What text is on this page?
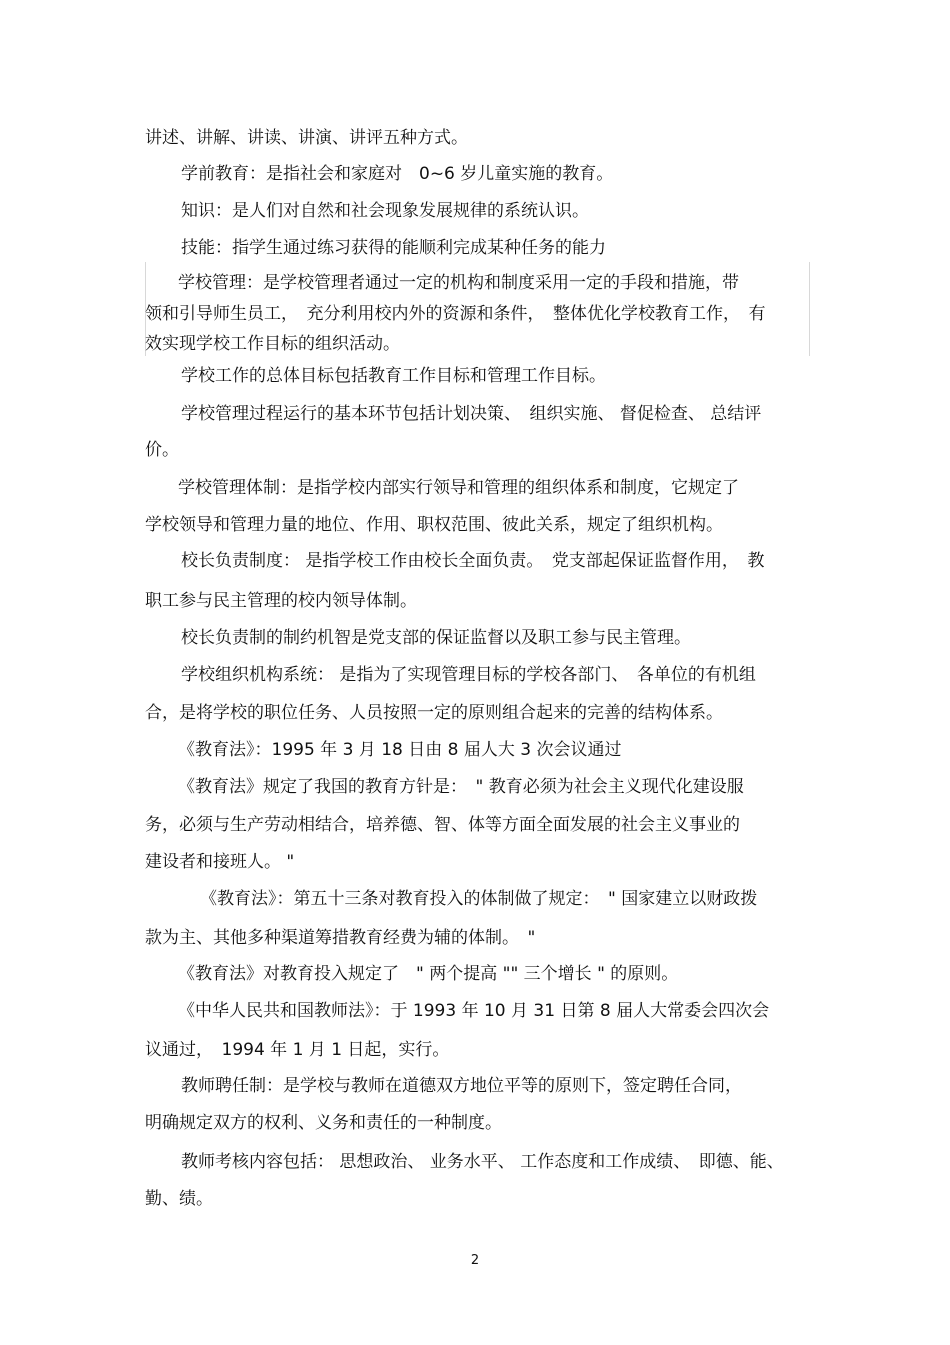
讲述、讲解、讲读、讲演、讲评五种方式。
学前教育：是指社会和家庭对　0~6 岁儿童实施的教育。
知识：是人们对自然和社会现象发展规律的系统认识。
技能：指学生通过练习获得的能顺利完成某种任务的能力
学校管理：是学校管理者通过一定的机构和制度采用一定的手段和措施，带
领和引导师生员工，　充分利用校内外的资源和条件，　整体优化学校教育工作，　有
效实现学校工作目标的组织活动。
学校工作的总体目标包括教育工作目标和管理工作目标。
学校管理过程运行的基本环节包括计划决策、　组织实施、 督促检查、 总结评
价。
学校管理体制：是指学校内部实行领导和管理的组织体系和制度，它规定了
学校领导和管理力量的地位、作用、职权范围、彼此关系，规定了组织机构。
校长负责制度： 是指学校工作由校长全面负责。　党支部起保证监督作用，　教
职工参与民主管理的校内领导体制。
校长负责制的制约机智是党支部的保证监督以及职工参与民主管理。
学校组织机构系统： 是指为了实现管理目标的学校各部门、　各单位的有机组
合，是将学校的职位任务、人员按照一定的原则组合起来的完善的结构体系。
《教育法》：1995 年 3 月 18 日由 8 届人大 3 次会议通过
《教育法》规定了我国的教育方针是：　" 教育必须为社会主义现代化建设服
务，必须与生产劳动相结合，培养德、智、体等方面全面发展的社会主义事业的
建设者和接班人。 "
《教育法》：第五十三条对教育投入的体制做了规定：　" 国家建立以财政拨
款为主、其他多种渠道筹措教育经费为辅的体制。　"
《教育法》对教育投入规定了　" 两个提高 "" 三个增长 " 的原则。
《中华人民共和国教师法》：于 1993 年 10 月 31 日第 8 届人大常委会四次会
议通过，　1994 年 1 月 1 日起，实行。
教师聘任制：是学校与教师在道德双方地位平等的原则下，签定聘任合同，
明确规定双方的权利、义务和责任的一种制度。
教师考核内容包括： 思想政治、 业务水平、 工作态度和工作成绩、　即德、能、
勤、绩。
2
